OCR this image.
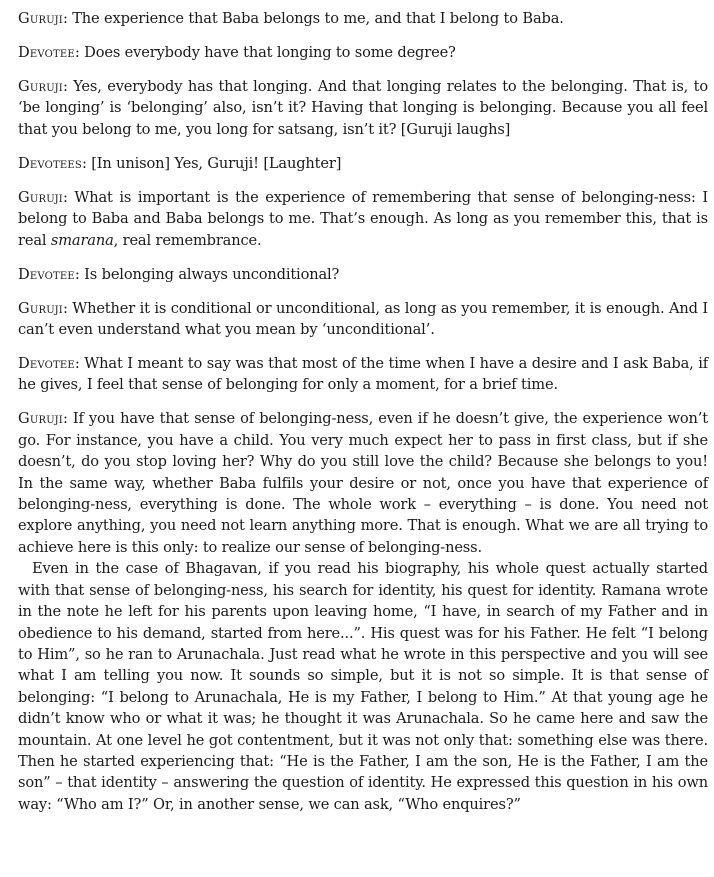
Guruji: The experience that Baba belongs to me, and that I belong to Baba.

Devotee: Does everybody have that longing to some degree?

Guruji: Yes, everybody has that longing. And that longing relates to the belonging. That is, to ‘be longing’ is ‘belonging’ also, isn’t it? Having that longing is belonging. Because you all feel that you belong to me, you long for satsang, isn’t it? [Guruji laughs]

Devotees: [In unison] Yes, Guruji! [Laughter]

Guruji: What is important is the experience of remembering that sense of belonging-ness: I belong to Baba and Baba belongs to me. That’s enough. As long as you remember this, that is real smarana, real remembrance.

Devotee: Is belonging always unconditional?

Guruji: Whether it is conditional or unconditional, as long as you remember, it is enough. And I can’t even understand what you mean by ‘unconditional’.

Devotee: What I meant to say was that most of the time when I have a desire and I ask Baba, if he gives, I feel that sense of belonging for only a moment, for a brief time.

Guruji: If you have that sense of belonging-ness, even if he doesn’t give, the experience won’t go. For instance, you have a child. You very much expect her to pass in first class, but if she doesn’t, do you stop loving her? Why do you still love the child? Because she belongs to you! In the same way, whether Baba fulfils your desire or not, once you have that experience of belonging-ness, everything is done. The whole work – everything – is done. You need not explore anything, you need not learn anything more. That is enough. What we are all trying to achieve here is this only: to realize our sense of belonging-ness.

Even in the case of Bhagavan, if you read his biography, his whole quest actually started with that sense of belonging-ness, his search for identity, his quest for identity. Ramana wrote in the note he left for his parents upon leaving home, “I have, in search of my Father and in obedience to his demand, started from here...”. His quest was for his Father. He felt “I belong to Him”, so he ran to Arunachala. Just read what he wrote in this perspective and you will see what I am telling you now. It sounds so simple, but it is not so simple. It is that sense of belonging: “I belong to Arunachala, He is my Father, I belong to Him.” At that young age he didn’t know who or what it was; he thought it was Arunachala. So he came here and saw the mountain. At one level he got contentment, but it was not only that: something else was there. Then he started experiencing that: “He is the Father, I am the son, He is the Father, I am the son” – that identity – answering the question of identity. He expressed this question in his own way: “Who am I?” Or, in another sense, we can ask, “Who enquires?”
